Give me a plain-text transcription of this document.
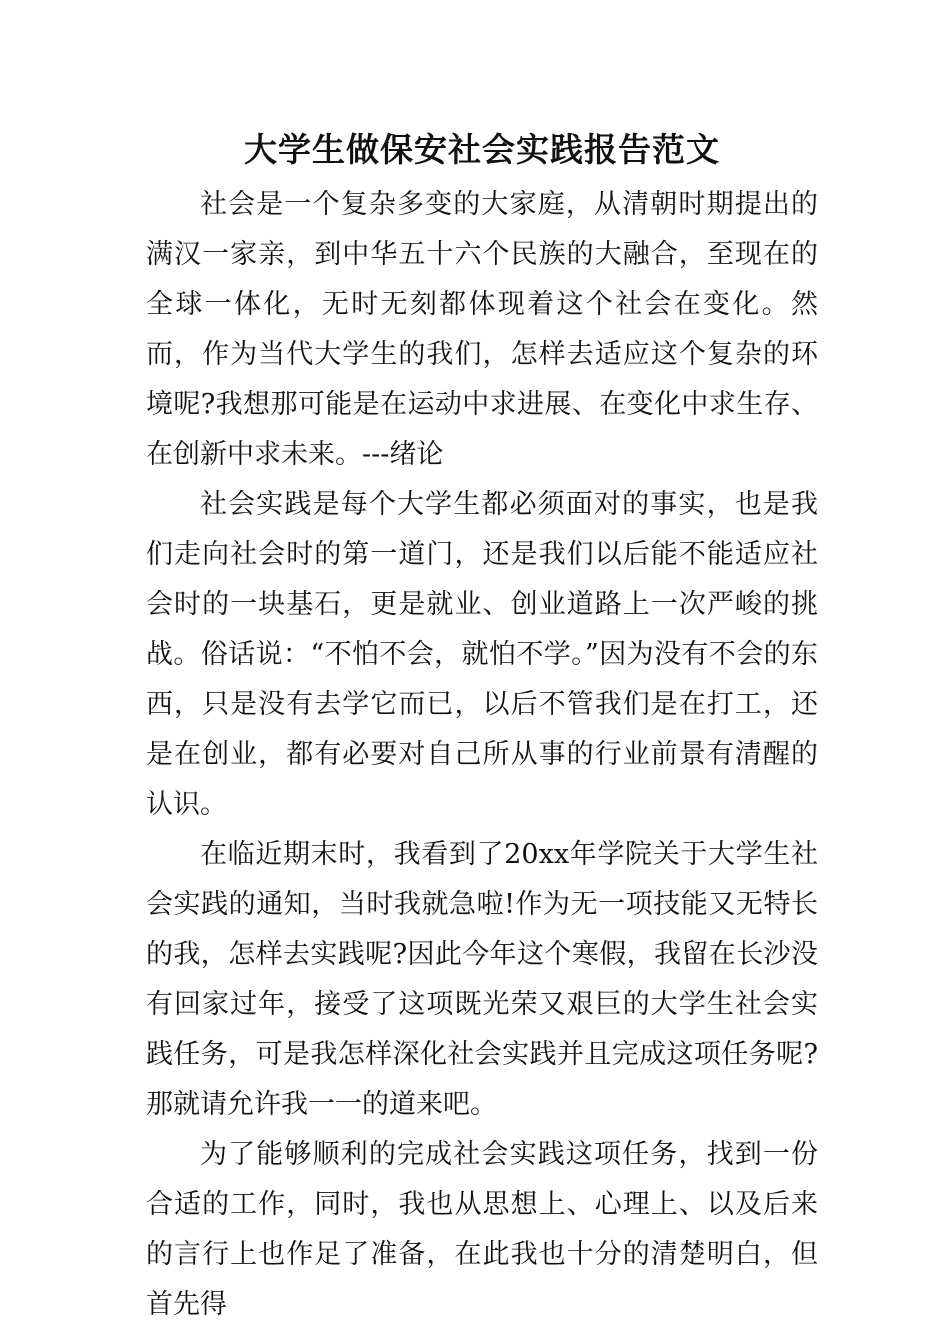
大学生做保安社会实践报告范文

社会是一个复杂多变的大家庭，从清朝时期提出的满汉一家亲，到中华五十六个民族的大融合，至现在的全球一体化，无时无刻都体现着这个社会在变化。然而，作为当代大学生的我们，怎样去适应这个复杂的环境呢?我想那可能是在运动中求进展、在变化中求生存、在创新中求未来。---绪论

社会实践是每个大学生都必须面对的事实，也是我们走向社会时的第一道门，还是我们以后能不能适应社会时的一块基石，更是就业、创业道路上一次严峻的挑战。俗话说：“不怕不会，就怕不学。”因为没有不会的东西，只是没有去学它而已，以后不管我们是在打工，还是在创业，都有必要对自己所从事的行业前景有清醒的认识。

在临近期末时，我看到了20xx年学院关于大学生社会实践的通知，当时我就急啦!作为无一项技能又无特长的我，怎样去实践呢?因此今年这个寒假，我留在长沙没有回家过年，接受了这项既光荣又艰巨的大学生社会实践任务，可是我怎样深化社会实践并且完成这项任务呢?那就请允许我一一的道来吧。

为了能够顺利的完成社会实践这项任务，找到一份合适的工作，同时，我也从思想上、心理上、以及后来的言行上也作足了准备，在此我也十分的清楚明白，但首先得
